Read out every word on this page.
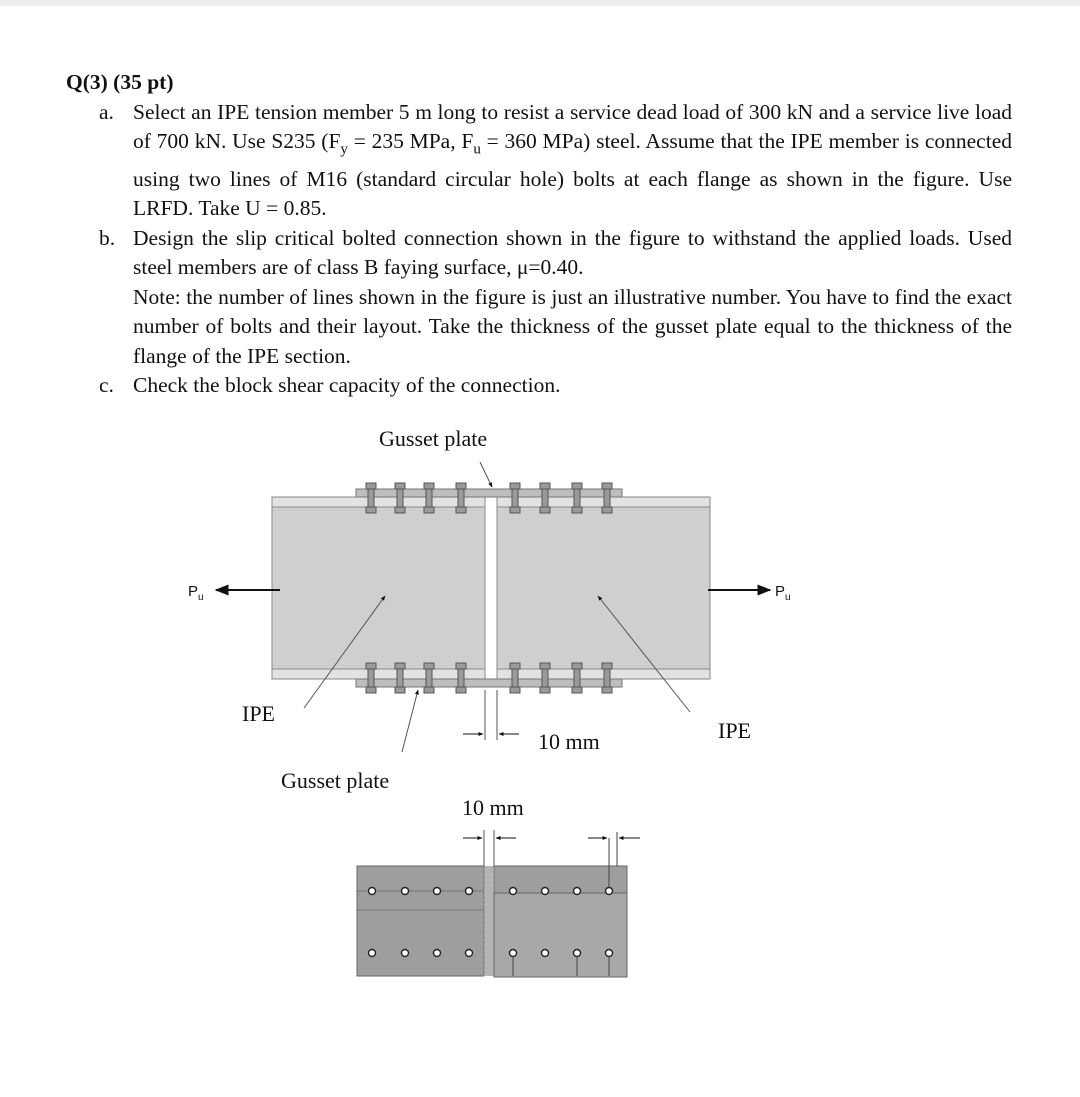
Q(3) (35 pt)
a. Select an IPE tension member 5 m long to resist a service dead load of 300 kN and a service live load of 700 kN. Use S235 ($F_y = 235$ MPa, $F_u = 360$ MPa) steel. Assume that the IPE member is connected using two lines of M16 (standard circular hole) bolts at each flange as shown in the figure. Use LRFD. Take U = 0.85.
b. Design the slip critical bolted connection shown in the figure to withstand the applied loads. Used steel members are of class B faying surface, μ=0.40.
Note: the number of lines shown in the figure is just an illustrative number. You have to find the exact number of bolts and their layout. Take the thickness of the gusset plate equal to the thickness of the flange of the IPE section.
c. Check the block shear capacity of the connection.
$P_u$	$P_u$
Gusset plate
IPE
IPE
Gusset plate
10 mm
10 mm
